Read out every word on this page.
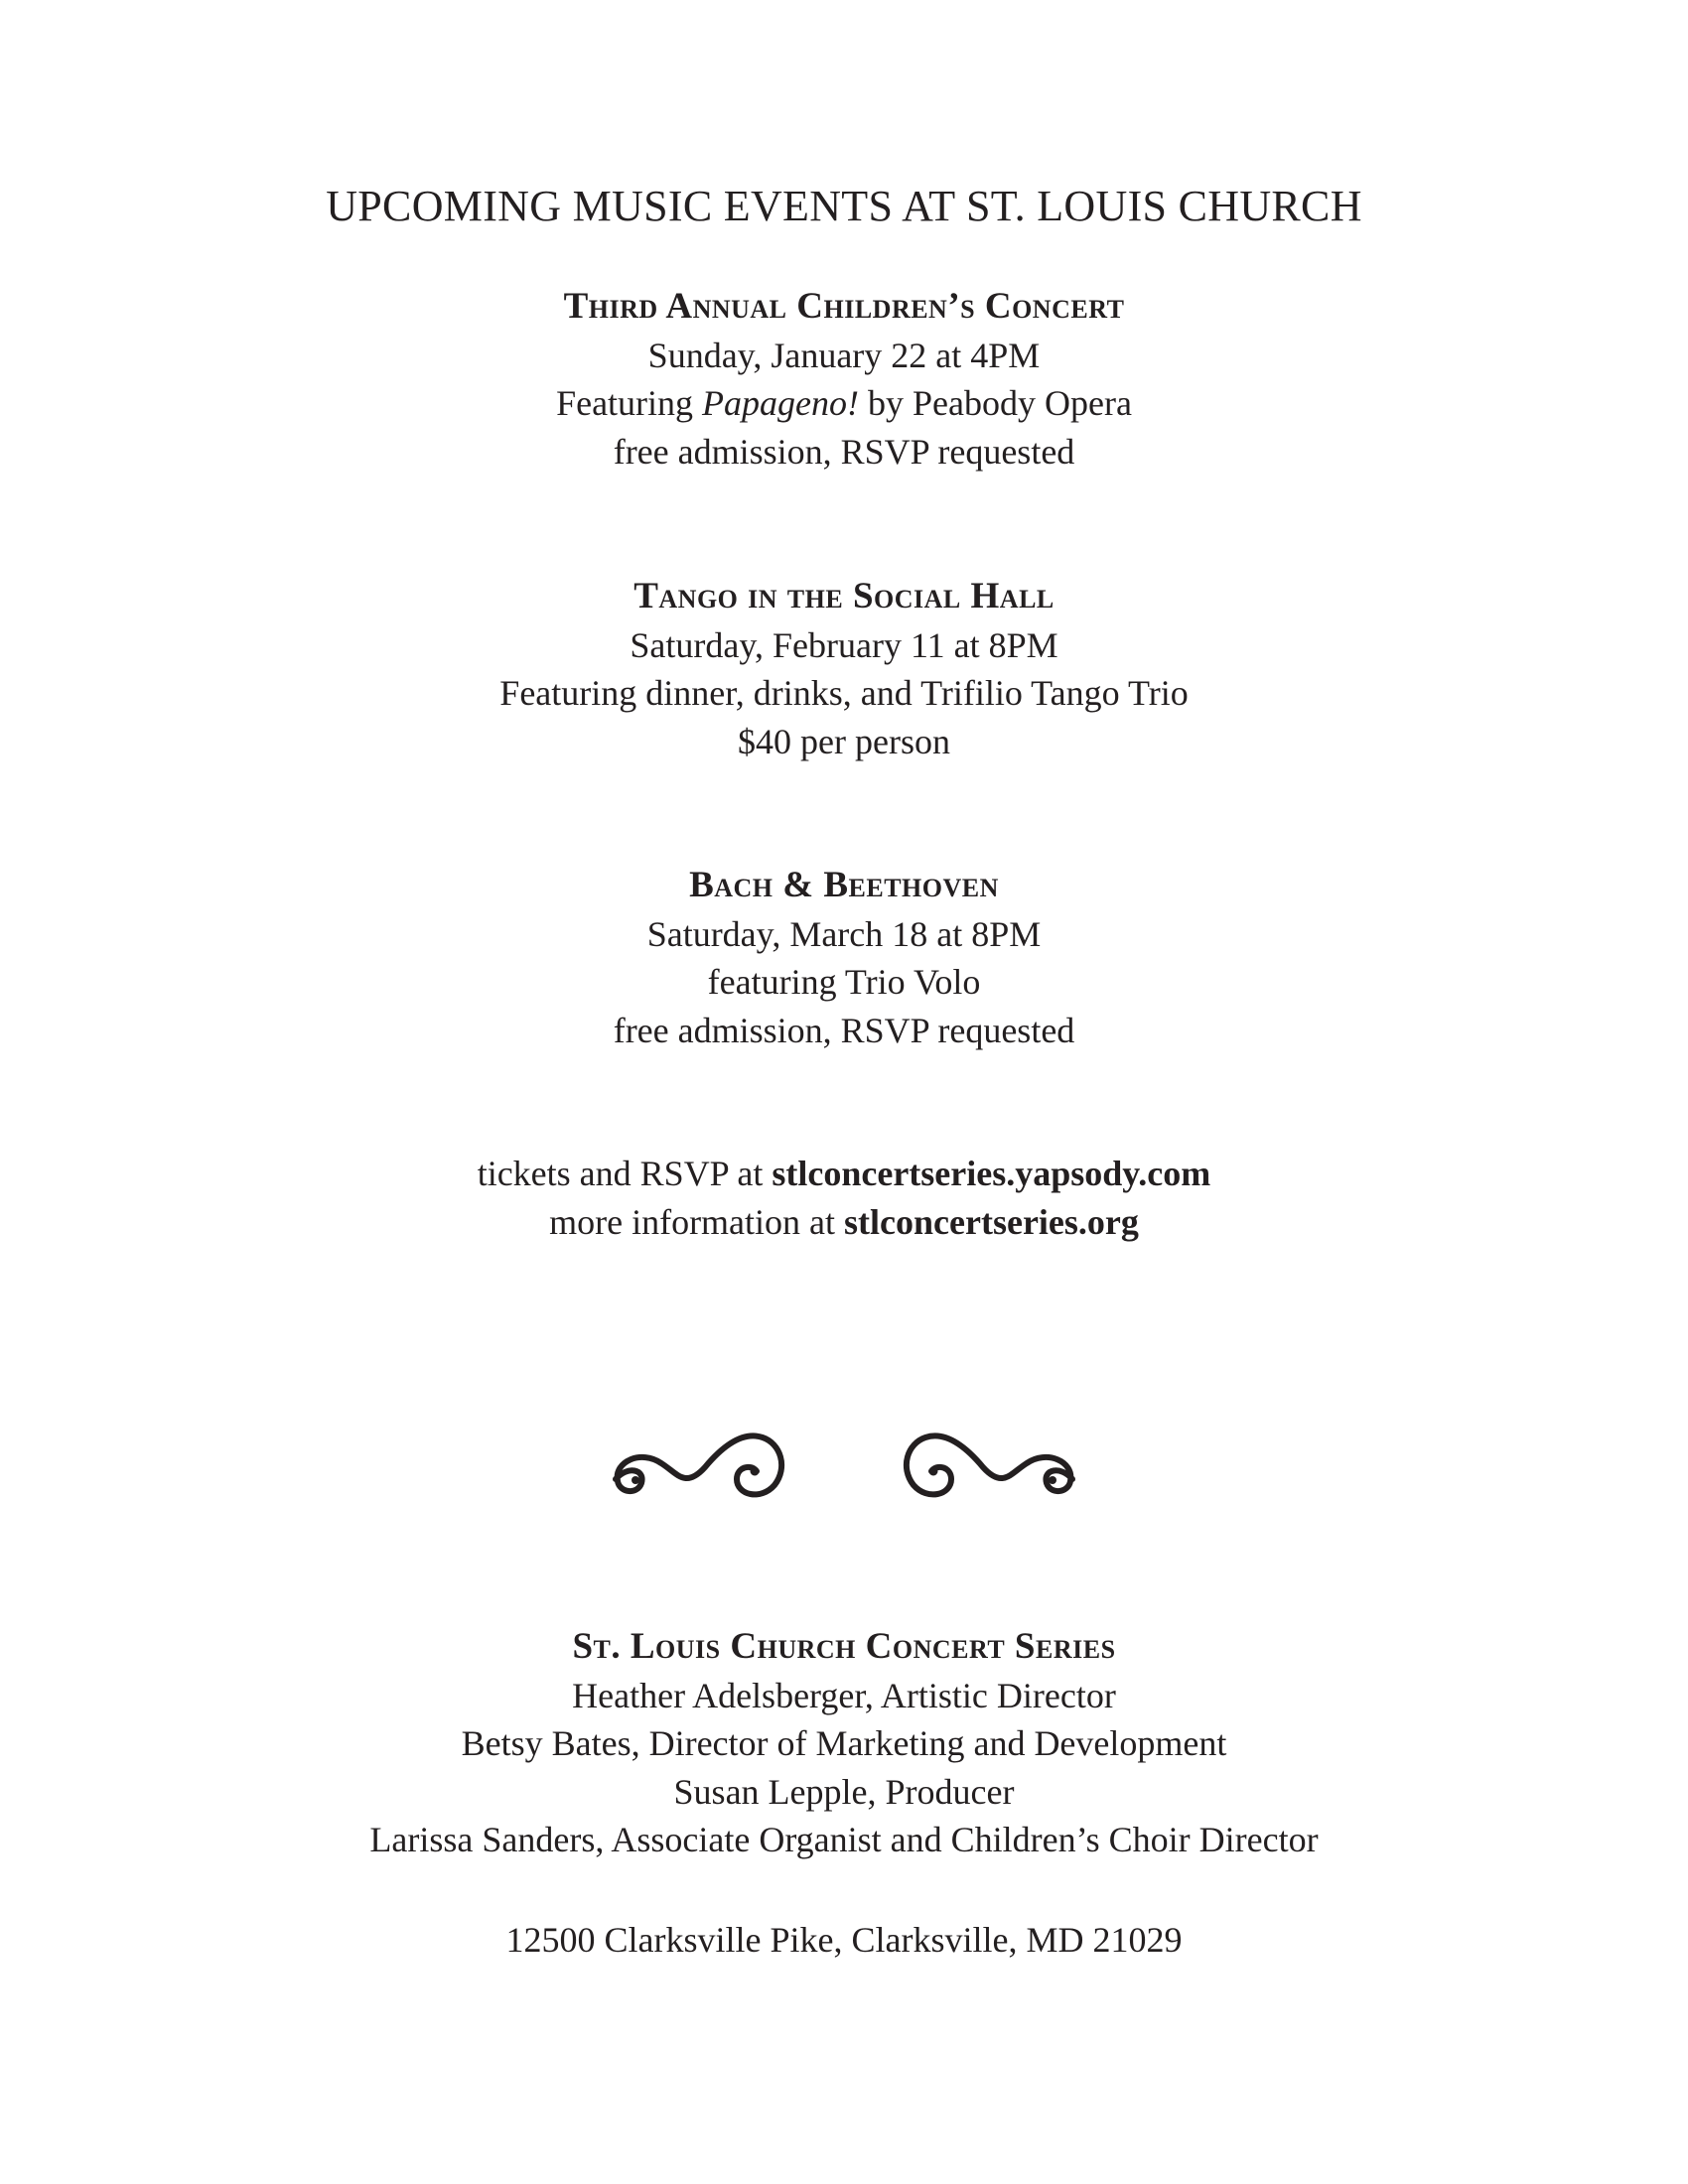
UPCOMING MUSIC EVENTS AT ST. LOUIS CHURCH

Third Annual Children’s Concert

Sunday, January 22 at 4PM

Featuring Papageno! by Peabody Opera

free admission, RSVP requested

Tango in the Social Hall

Saturday, February 11 at 8PM

Featuring dinner, drinks, and Trifilio Tango Trio

$40 per person

Bach & Beethoven

Saturday, March 18 at 8PM

featuring Trio Volo

free admission, RSVP requested

tickets and RSVP at stlconcertseries.yapsody.com

more information at stlconcertseries.org

St. Louis Church Concert Series

Heather Adelsberger, Artistic Director

Betsy Bates, Director of Marketing and Development

Susan Lepple, Producer

Larissa Sanders, Associate Organist and Children’s Choir Director

12500 Clarksville Pike, Clarksville, MD 21029
